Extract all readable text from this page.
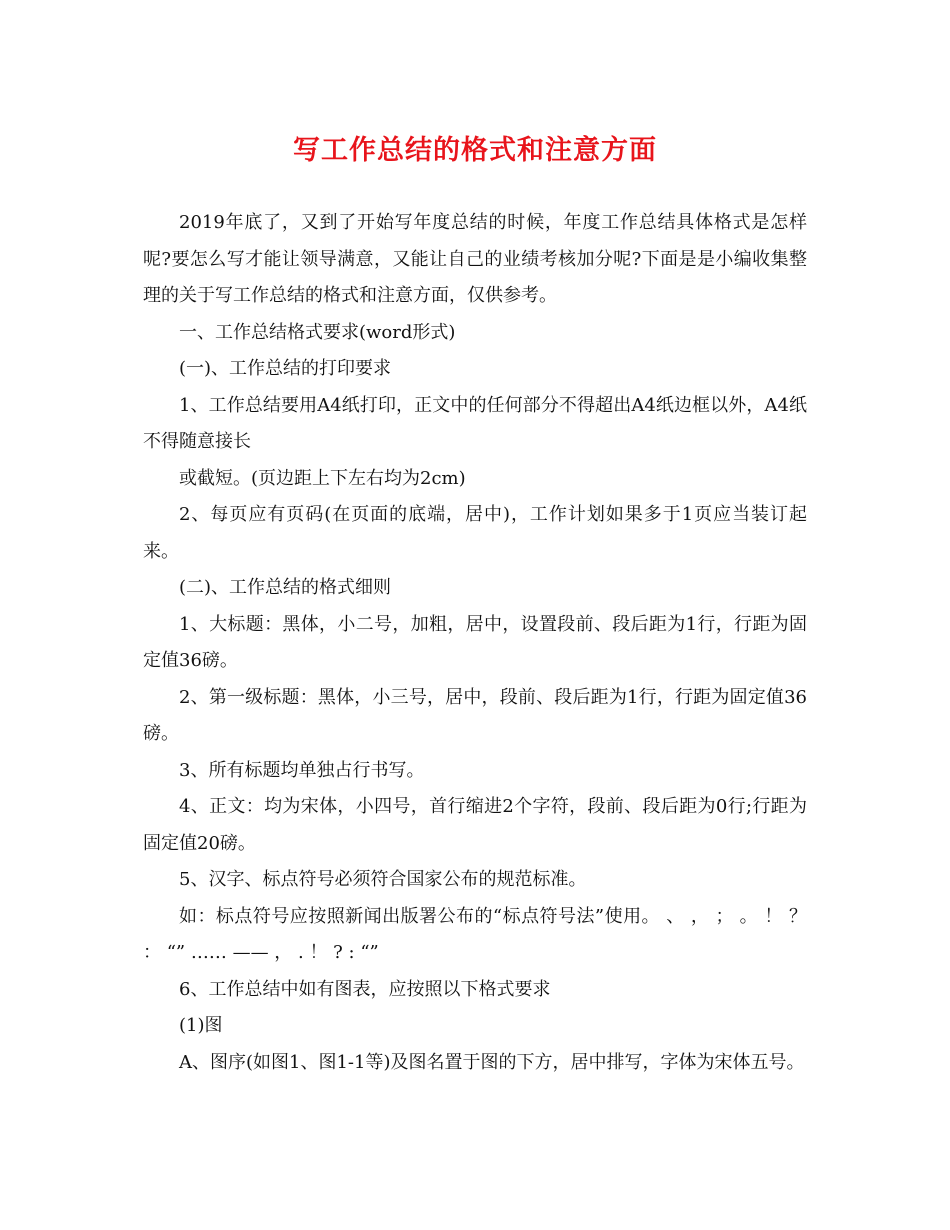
写工作总结的格式和注意方面

2019年底了，又到了开始写年度总结的时候，年度工作总结具体格式是怎样呢?要怎么写才能让领导满意，又能让自己的业绩考核加分呢?下面是是小编收集整理的关于写工作总结的格式和注意方面，仅供参考。

一、工作总结格式要求(word形式)

(一)、工作总结的打印要求

1、工作总结要用A4纸打印，正文中的任何部分不得超出A4纸边框以外，A4纸不得随意接长

或截短。(页边距上下左右均为2cm)

2、每页应有页码(在页面的底端，居中)，工作计划如果多于1页应当装订起来。

(二)、工作总结的格式细则

1、大标题：黑体，小二号，加粗，居中，设置段前、段后距为1行，行距为固定值36磅。

2、第一级标题：黑体，小三号，居中，段前、段后距为1行，行距为固定值36磅。

3、所有标题均单独占行书写。

4、正文：均为宋体，小四号，首行缩进2个字符，段前、段后距为0行;行距为固定值20磅。

5、汉字、标点符号必须符合国家公布的规范标准。

如：标点符号应按照新闻出版署公布的“标点符号法”使用。 、 ， ； 。 ！ ？ ： “” …… —— ， . ！ ? : “”

6、工作总结中如有图表，应按照以下格式要求

(1)图

A、图序(如图1、图1-1等)及图名置于图的下方，居中排写，字体为宋体五号。
